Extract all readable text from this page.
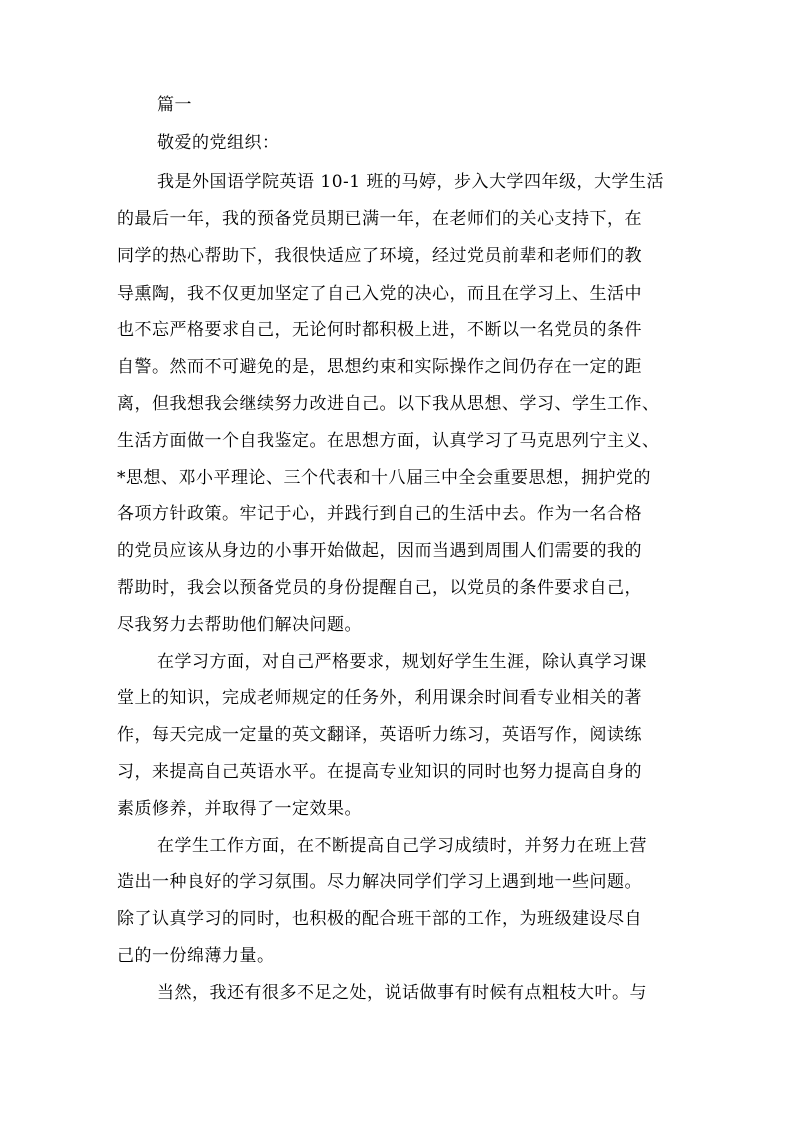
篇一
敬爱的党组织：
我是外国语学院英语 10-1 班的马婷，步入大学四年级，大学生活
的最后一年，我的预备党员期已满一年，在老师们的关心支持下，在
同学的热心帮助下，我很快适应了环境，经过党员前辈和老师们的教
导熏陶，我不仅更加坚定了自己入党的决心，而且在学习上、生活中
也不忘严格要求自己，无论何时都积极上进，不断以一名党员的条件
自警。然而不可避免的是，思想约束和实际操作之间仍存在一定的距
离，但我想我会继续努力改进自己。以下我从思想、学习、学生工作、
生活方面做一个自我鉴定。在思想方面，认真学习了马克思列宁主义、
*思想、邓小平理论、三个代表和十八届三中全会重要思想，拥护党的
各项方针政策。牢记于心，并践行到自己的生活中去。作为一名合格
的党员应该从身边的小事开始做起，因而当遇到周围人们需要的我的
帮助时，我会以预备党员的身份提醒自己，以党员的条件要求自己，
尽我努力去帮助他们解决问题。
在学习方面，对自己严格要求，规划好学生生涯，除认真学习课
堂上的知识，完成老师规定的任务外，利用课余时间看专业相关的著
作，每天完成一定量的英文翻译，英语听力练习，英语写作，阅读练
习，来提高自己英语水平。在提高专业知识的同时也努力提高自身的
素质修养，并取得了一定效果。
在学生工作方面，在不断提高自己学习成绩时，并努力在班上营
造出一种良好的学习氛围。尽力解决同学们学习上遇到地一些问题。
除了认真学习的同时，也积极的配合班干部的工作，为班级建设尽自
己的一份绵薄力量。
当然，我还有很多不足之处，说话做事有时候有点粗枝大叶。与
